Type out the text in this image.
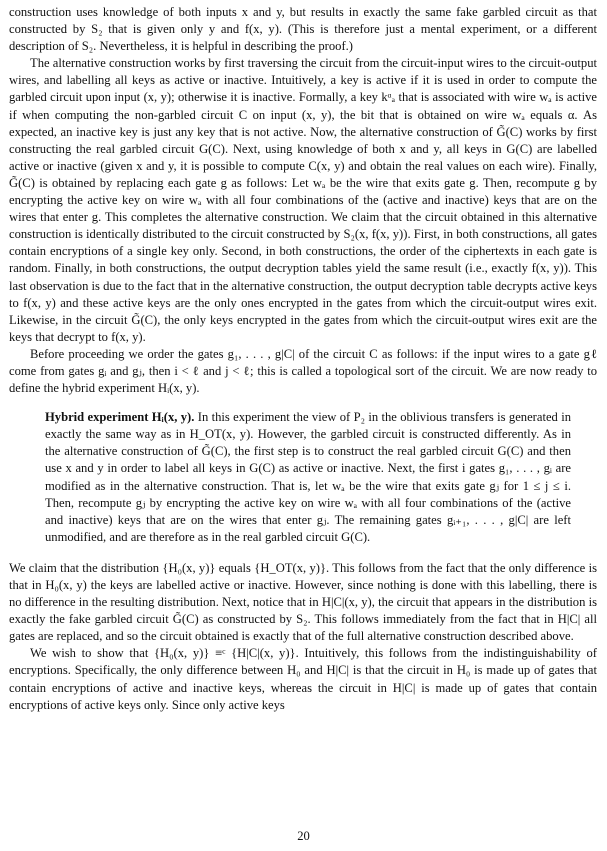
construction uses knowledge of both inputs x and y, but results in exactly the same fake garbled circuit as that constructed by S₂ that is given only y and f(x, y). (This is therefore just a mental experiment, or a different description of S₂. Nevertheless, it is helpful in describing the proof.)

The alternative construction works by first traversing the circuit from the circuit-input wires to the circuit-output wires, and labelling all keys as active or inactive. Intuitively, a key is active if it is used in order to compute the garbled circuit upon input (x, y); otherwise it is inactive. Formally, a key kᵅₐ that is associated with wire wₐ is active if when computing the non-garbled circuit C on input (x, y), the bit that is obtained on wire wₐ equals α. As expected, an inactive key is just any key that is not active. Now, the alternative construction of G̃(C) works by first constructing the real garbled circuit G(C). Next, using knowledge of both x and y, all keys in G(C) are labelled active or inactive (given x and y, it is possible to compute C(x, y) and obtain the real values on each wire). Finally, G̃(C) is obtained by replacing each gate g as follows: Let wₐ be the wire that exits gate g. Then, recompute g by encrypting the active key on wire wₐ with all four combinations of the (active and inactive) keys that are on the wires that enter g. This completes the alternative construction. We claim that the circuit obtained in this alternative construction is identically distributed to the circuit constructed by S₂(x, f(x, y)). First, in both constructions, all gates contain encryptions of a single key only. Second, in both constructions, the order of the ciphertexts in each gate is random. Finally, in both constructions, the output decryption tables yield the same result (i.e., exactly f(x, y)). This last observation is due to the fact that in the alternative construction, the output decryption table decrypts active keys to f(x, y) and these active keys are the only ones encrypted in the gates from which the circuit-output wires exit. Likewise, in the circuit G̃(C), the only keys encrypted in the gates from which the circuit-output wires exit are the keys that decrypt to f(x, y).

Before proceeding we order the gates g₁, . . . , g|C| of the circuit C as follows: if the input wires to a gate gℓ come from gates gᵢ and gⱼ, then i < ℓ and j < ℓ; this is called a topological sort of the circuit. We are now ready to define the hybrid experiment Hᵢ(x, y).

Hybrid experiment Hᵢ(x, y). In this experiment the view of P₂ in the oblivious transfers is generated in exactly the same way as in H_OT(x, y). However, the garbled circuit is constructed differently. As in the alternative construction of G̃(C), the first step is to construct the real garbled circuit G(C) and then use x and y in order to label all keys in G(C) as active or inactive. Next, the first i gates g₁, . . . , gᵢ are modified as in the alternative construction. That is, let wₐ be the wire that exits gate gⱼ for 1 ≤ j ≤ i. Then, recompute gⱼ by encrypting the active key on wire wₐ with all four combinations of the (active and inactive) keys that are on the wires that enter gⱼ. The remaining gates gᵢ₊₁, . . . , g|C| are left unmodified, and are therefore as in the real garbled circuit G(C).

We claim that the distribution {H₀(x, y)} equals {H_OT(x, y)}. This follows from the fact that the only difference is that in H₀(x, y) the keys are labelled active or inactive. However, since nothing is done with this labelling, there is no difference in the resulting distribution. Next, notice that in H|C|(x, y), the circuit that appears in the distribution is exactly the fake garbled circuit G̃(C) as constructed by S₂. This follows immediately from the fact that in H|C| all gates are replaced, and so the circuit obtained is exactly that of the full alternative construction described above.

We wish to show that {H₀(x, y)} ≡ᶜ {H|C|(x, y)}. Intuitively, this follows from the indistinguishability of encryptions. Specifically, the only difference between H₀ and H|C| is that the circuit in H₀ is made up of gates that contain encryptions of active and inactive keys, whereas the circuit in H|C| is made up of gates that contain encryptions of active keys only. Since only active keys

20
